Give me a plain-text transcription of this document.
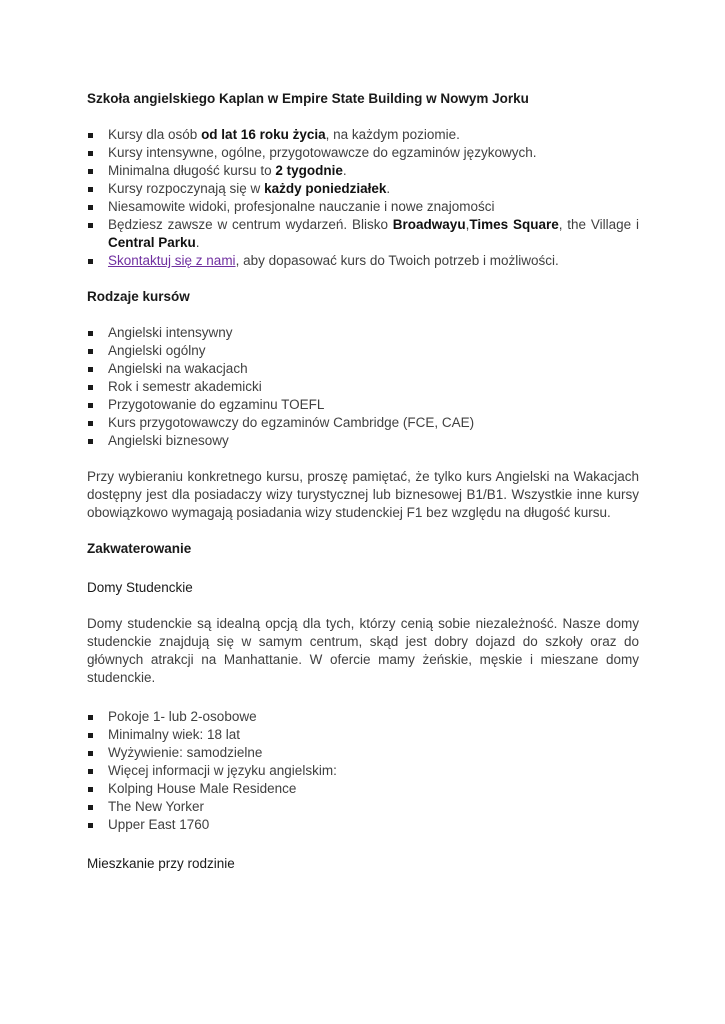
Szkoła angielskiego Kaplan w Empire State Building w Nowym Jorku
Kursy dla osób od lat 16 roku życia, na każdym poziomie.
Kursy intensywne, ogólne, przygotowawcze do egzaminów językowych.
Minimalna długość kursu to 2 tygodnie.
Kursy rozpoczynają się w każdy poniedziałek.
Niesamowite widoki, profesjonalne nauczanie i nowe znajomości
Będziesz zawsze w centrum wydarzeń. Blisko Broadwayu,Times Square, the Village i Central Parku.
Skontaktuj się z nami, aby dopasować kurs do Twoich potrzeb i możliwości.
Rodzaje kursów
Angielski intensywny
Angielski ogólny
Angielski na wakacjach
Rok i semestr akademicki
Przygotowanie do egzaminu TOEFL
Kurs przygotowawczy do egzaminów Cambridge (FCE, CAE)
Angielski biznesowy

Przy wybieraniu konkretnego kursu, proszę pamiętać, że tylko kurs Angielski na Wakacjach dostępny jest dla posiadaczy wizy turystycznej lub biznesowej B1/B1. Wszystkie inne kursy obowiązkowo wymagają posiadania wizy studenckiej F1 bez względu na długość kursu.

Zakwaterowanie
Domy Studenckie

Domy studenckie są idealną opcją dla tych, którzy cenią sobie niezależność. Nasze domy studenckie znajdują się w samym centrum, skąd jest dobry dojazd do szkoły oraz do głównych atrakcji na Manhattanie. W ofercie mamy żeńskie, męskie i mieszane domy studenckie.

Pokoje 1- lub 2-osobowe
Minimalny wiek: 18 lat
Wyżywienie: samodzielne
Więcej informacji w języku angielskim:
Kolping House Male Residence
The New Yorker
Upper East 1760
Mieszkanie przy rodzinie
